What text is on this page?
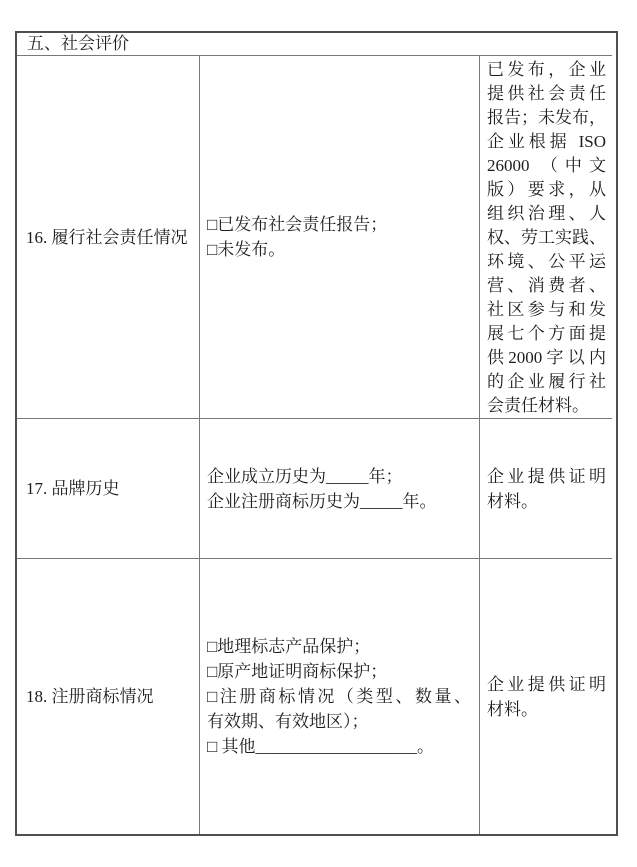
五、社会评价
16. 履行社会责任情况
□已发布社会责任报告；
□未发布。
已发布，企业
提供社会责任
报告；未发布，
企业根据 ISO
26000 （中文
版）要求，从
组织治理、人
权、劳工实践、
环境、公平运
营、消费者、
社区参与和发
展七个方面提
供2000字以内
的企业履行社
会责任材料。
17. 品牌历史
企业成立历史为_____年；
企业注册商标历史为_____年。
企业提供证明
材料。
18. 注册商标情况
□地理标志产品保护；
□原产地证明商标保护；
□注册商标情况（类型、数量、
有效期、有效地区）；
□ 其他___________________。
企业提供证明
材料。
